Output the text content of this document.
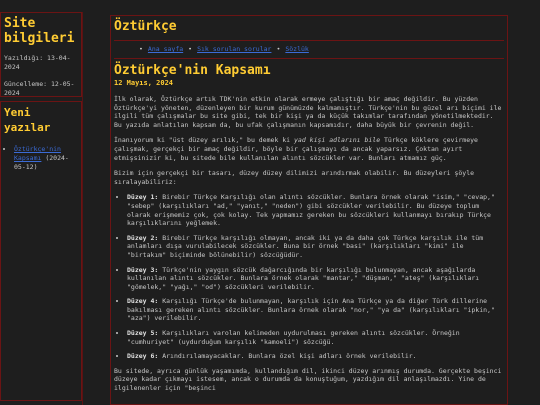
Site bilgileri

Yazıldığı: 13-04-2024

Güncelleme: 12-05-2024

Yeni yazılar
• Öztürkçe'nin Kapsamı (2024-05-12)
Öztürkçe
• Ana sayfa • Sık sorulan sorular • Sözlük
Öztürkçe'nin Kapsamı
12 Mayıs, 2024

İlk olarak, Öztürkçe artık TDK'nin etkin olarak ermeye çalıştığı bir amaç değildir. Bu yüzden Öztürkçe'yi yöneten, düzenleyen bir kurum günümüzde kalmamıştır. Türkçe'nin bu güzel arı biçimi ile ilgili tüm çalışmalar bu site gibi, tek bir kişi ya da küçük takımlar tarafından yönetilmektedir. Bu yazıda anlatılan kapsam da, bu ufak çalışmanın kapsamıdır, daha büyük bir çevrenin değil.

İnanıyorum ki "üst düzey arılık," bu demek ki yad kişi adlarını bile Türkçe köklere çevirmeye çalışmak, gerçekçi bir amaç değildir, böyle bir çalışmayı da ancak yaparsız. Çoktan ayırt etmişsinizir ki, bu sitede bile kullanılan alıntı sözcükler var. Bunları atmamız güç.

Bizim için gerçekçi bir tasarı, düzey düzey dilimizi arındırmak olabilir. Bu düzeyleri şöyle sıralayabiliriz:

• Düzey 1: Birebir Türkçe Karşılığı olan alıntı sözcükler. Bunlara örnek olarak "isim," "cevap," "sebep" (karşılıkları "ad," "yanıt," "neden") gibi sözcükler verilebilir. Bu düzeye toplum olarak erişmemiz çok, çok kolay. Tek yapmamız gereken bu sözcükleri kullanmayı bırakıp Türkçe karşılıklarını yeğlemek.
• Düzey 2: Birebir Türkçe karşılığı olmayan, ancak iki ya da daha çok Türkçe karşılık ile tüm anlamları dışa vurulabilecek sözcükler. Buna bir örnek "basi" (karşılıkları "kimi" ile "birtakım" biçiminde bölünebilir) sözcüğüdür.
• Düzey 3: Türkçe'nin yaygın sözcük dağarcığında bir karşılığı bulunmayan, ancak aşağılarda kullanılan alıntı sözcükler. Bunlara örnek olarak "mantar," "düşman," "ateş" (karşılıkları "gömelek," "yağı," "od") sözcükleri verilebilir.
• Düzey 4: Karşılığı Türkçe'de bulunmayan, karşılık için Ana Türkçe ya da diğer Türk dillerine bakılması gereken alıntı sözcükler. Bunlara örnek olarak "nor," "ya da" (karşılıkları "ipkin," "aza") verilebilir.
• Düzey 5: Karşılıkları varolan kelimeden uydurulması gereken alıntı sözcükler. Örneğin "cumhuriyet" (uydurduğum karşılık "kamoeli") sözcüğü.
• Düzey 6: Arındırılamayacaklar. Bunlara özel kişi adları örnek verilebilir.

Bu sitede, ayrıca günlük yaşamımda, kullandığım dil, ikinci düzey arınmış durumda. Gerçekte beşinci düzeye kadar çıkmayı istesem, ancak o durumda da konuştuğum, yazdığım dil anlaşılmazdı. Yine de ilgilenenler için "beşinci
